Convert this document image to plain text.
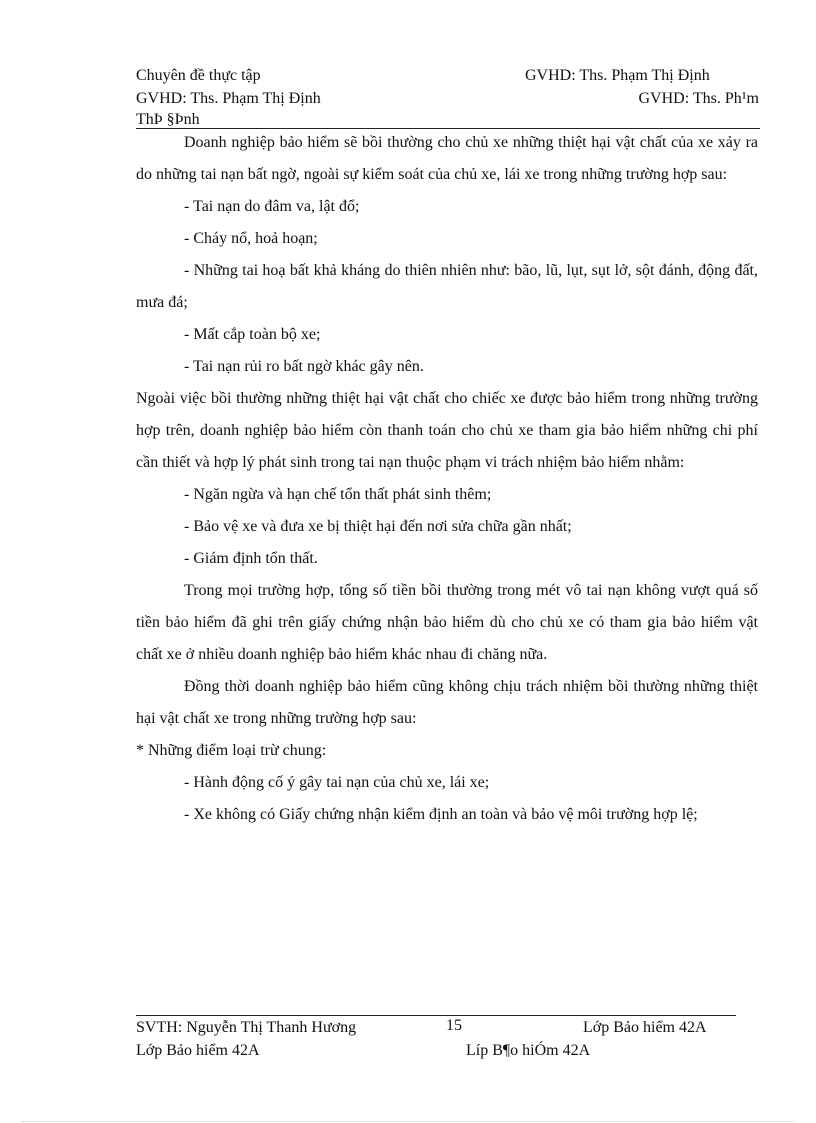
Chuyên đề thực tập	GVHD: Ths. Phạm Thị Định
GVHD: Ths. Phạm Thị Định	GVHD: Ths. Ph¹m
ThÞ §Þnh

Doanh nghiệp bảo hiểm sẽ bồi thường cho chủ xe những thiệt hại vật chất của xe xảy ra do những tai nạn bất ngờ, ngoài sự kiểm soát của chủ xe, lái xe trong những trường hợp sau:

- Tai nạn do đâm va, lật đổ;

- Cháy nổ, hoả hoạn;

- Những tai hoạ bất khả kháng do thiên nhiên như: bão, lũ, lụt, sụt lở, sột đánh, động đất, mưa đá;

- Mất cắp toàn bộ xe;

- Tai nạn rủi ro bất ngờ khác gây nên.

Ngoài việc bồi thường những thiệt hại vật chất cho chiếc xe được bảo hiểm trong những trường hợp trên, doanh nghiệp bảo hiểm còn thanh toán cho chủ xe tham gia bảo hiểm những chi phí cần thiết và hợp lý phát sinh trong tai nạn thuộc phạm vi trách nhiệm bảo hiểm nhằm:

- Ngăn ngừa và hạn chế tổn thất phát sinh thêm;

- Bảo vệ xe và đưa xe bị thiệt hại đến nơi sửa chữa gần nhất;

- Giám định tổn thất.

Trong mọi trường hợp, tổng số tiền bồi thường trong mét vô tai nạn không vượt quá số tiền bảo hiểm đã ghi trên giấy chứng nhận bảo hiểm dù cho chủ xe có tham gia bảo hiểm vật chất xe ở nhiều doanh nghiệp bảo hiểm khác nhau đi chăng nữa.

Đồng thời doanh nghiệp bảo hiểm cũng không chịu trách nhiệm bồi thường những thiệt hại vật chất xe trong những trường hợp sau:

* Những điểm loại trừ chung:

- Hành động cố ý gây tai nạn của chủ xe, lái xe;

- Xe không có Giấy chứng nhận kiểm định an toàn và bảo vệ môi trường hợp lệ;

SVTH: Nguyễn Thị Thanh Hương	15	Lớp Bảo hiểm 42A
Lớp Bảo hiểm 42A	Líp B¶o hiÓm 42A
